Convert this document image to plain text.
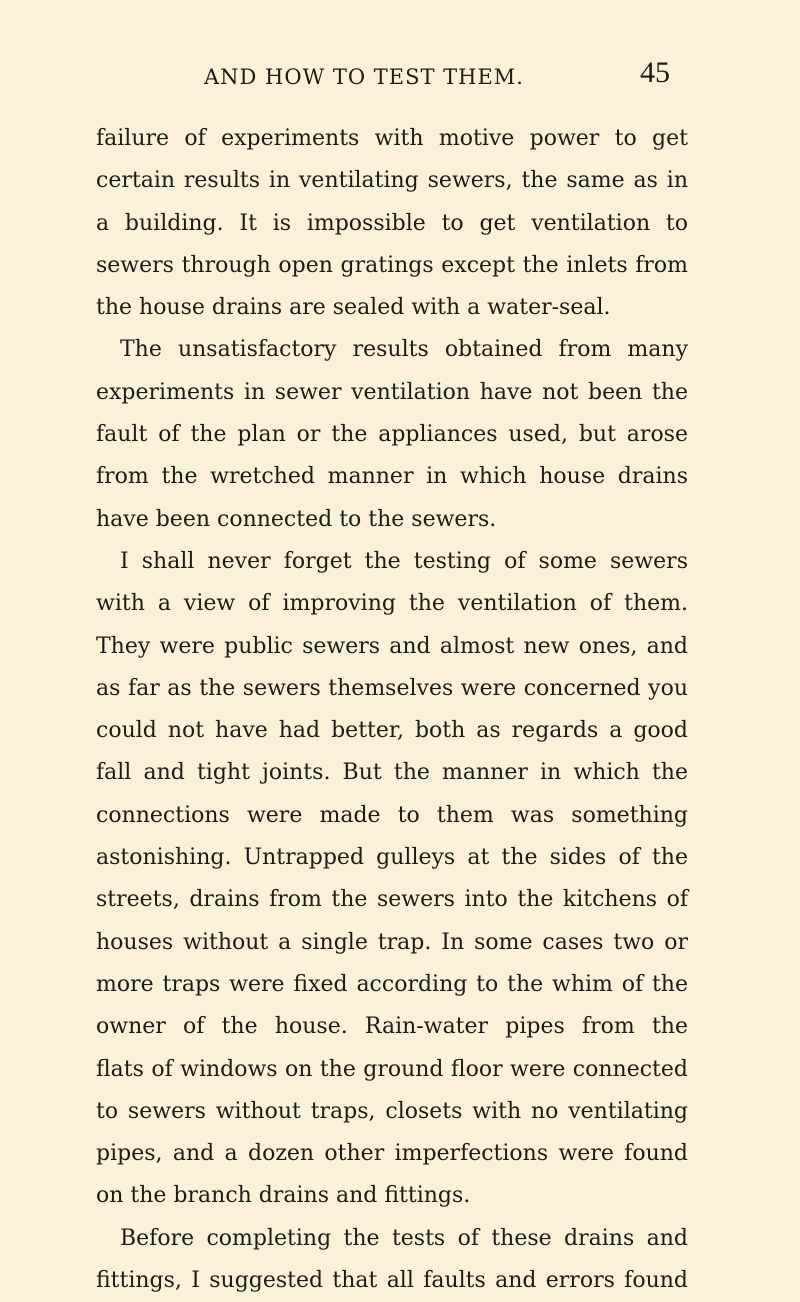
AND HOW TO TEST THEM.	45
failure of experiments with motive power to get
certain results in ventilating sewers, the same as in
a building. It is impossible to get ventilation to
sewers through open gratings except the inlets from
the house drains are sealed with a water-seal.
The unsatisfactory results obtained from many
experiments in sewer ventilation have not been the
fault of the plan or the appliances used, but arose
from the wretched manner in which house drains
have been connected to the sewers.
I shall never forget the testing of some sewers
with a view of improving the ventilation of them.
They were public sewers and almost new ones, and
as far as the sewers themselves were concerned you
could not have had better, both as regards a good
fall and tight joints. But the manner in which the
connections were made to them was something
astonishing. Untrapped gulleys at the sides of the
streets, drains from the sewers into the kitchens of
houses without a single trap. In some cases two or
more traps were fixed according to the whim of the
owner of the house. Rain-water pipes from the
flats of windows on the ground floor were connected
to sewers without traps, closets with no ventilating
pipes, and a dozen other imperfections were found
on the branch drains and fittings.
Before completing the tests of these drains and
fittings, I suggested that all faults and errors found
